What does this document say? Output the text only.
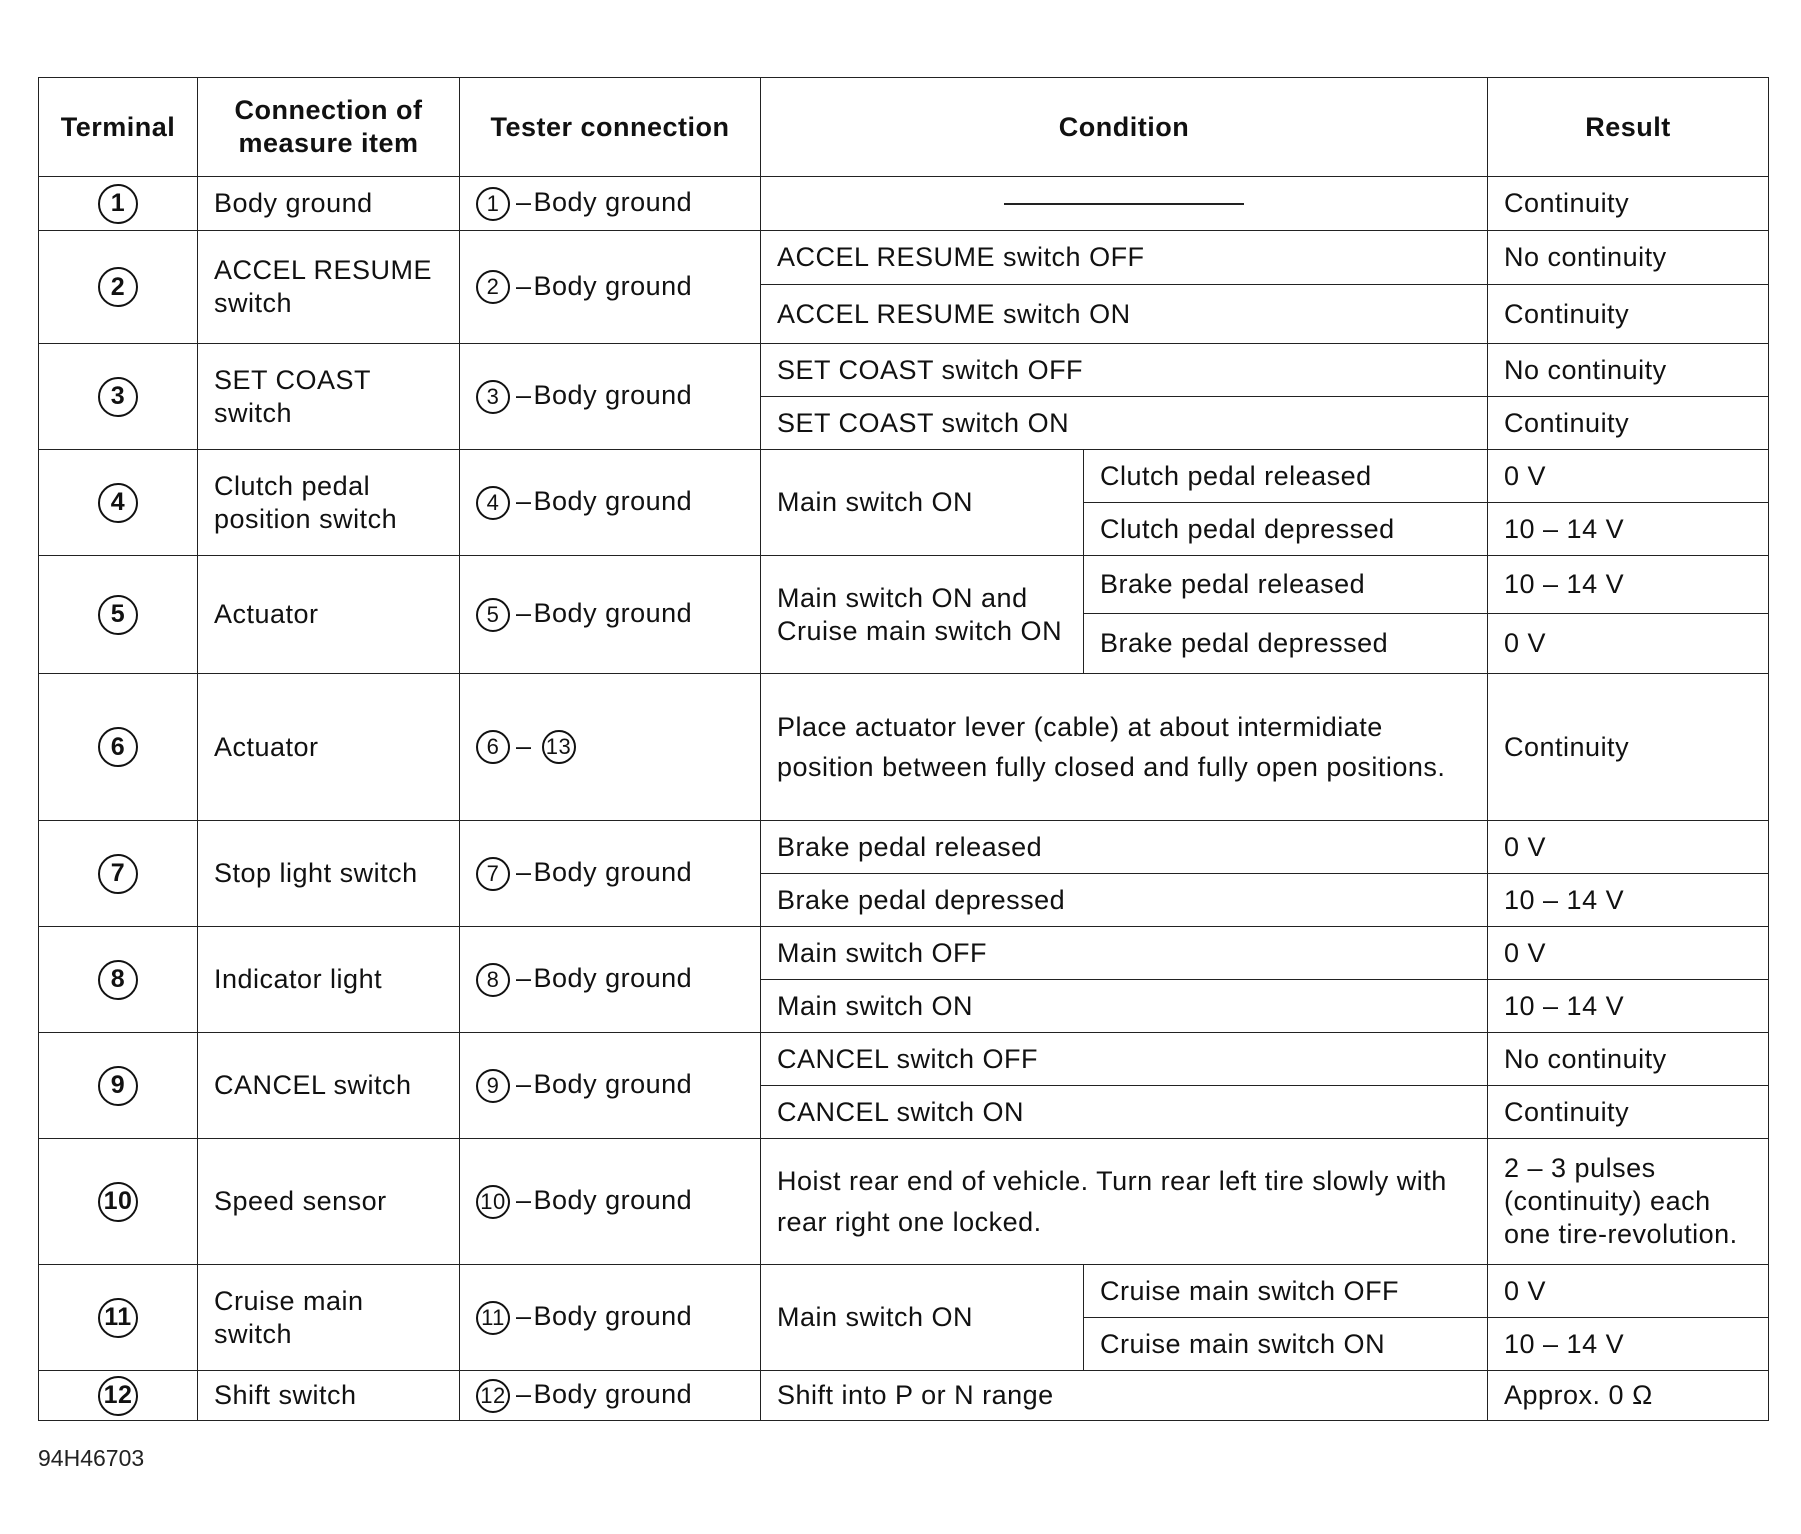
Terminal	Connection of measure item	Tester connection	Condition		Result
1	Body ground	1 –Body ground			Continuity
2	ACCEL RESUME switch	2 –Body ground	ACCEL RESUME switch OFF		No continuity
			ACCEL RESUME switch ON		Continuity
3	SET COAST switch	3 –Body ground	SET COAST switch OFF		No continuity
			SET COAST switch ON		Continuity
4	Clutch pedal position switch	4 –Body ground	Main switch ON	Clutch pedal released	0 V
				Clutch pedal depressed	10 – 14 V
5	Actuator	5 –Body ground	Main switch ON and Cruise main switch ON	Brake pedal released	10 – 14 V
				Brake pedal depressed	0 V
6	Actuator	6 – 13	Place actuator lever (cable) at about intermidiate position between fully closed and fully open positions.		Continuity
7	Stop light switch	7 –Body ground	Brake pedal released		0 V
			Brake pedal depressed		10 – 14 V
8	Indicator light	8 –Body ground	Main switch OFF		0 V
			Main switch ON		10 – 14 V
9	CANCEL switch	9 –Body ground	CANCEL switch OFF		No continuity
			CANCEL switch ON		Continuity
10	Speed sensor	10 –Body ground	Hoist rear end of vehicle. Turn rear left tire slowly with rear right one locked.		2 – 3 pulses (continuity) each one tire-revolution.
11	Cruise main switch	11 –Body ground	Main switch ON	Cruise main switch OFF	0 V
				Cruise main switch ON	10 – 14 V
12	Shift switch	12 –Body ground	Shift into P or N range		Approx. 0 Ω
94H46703
